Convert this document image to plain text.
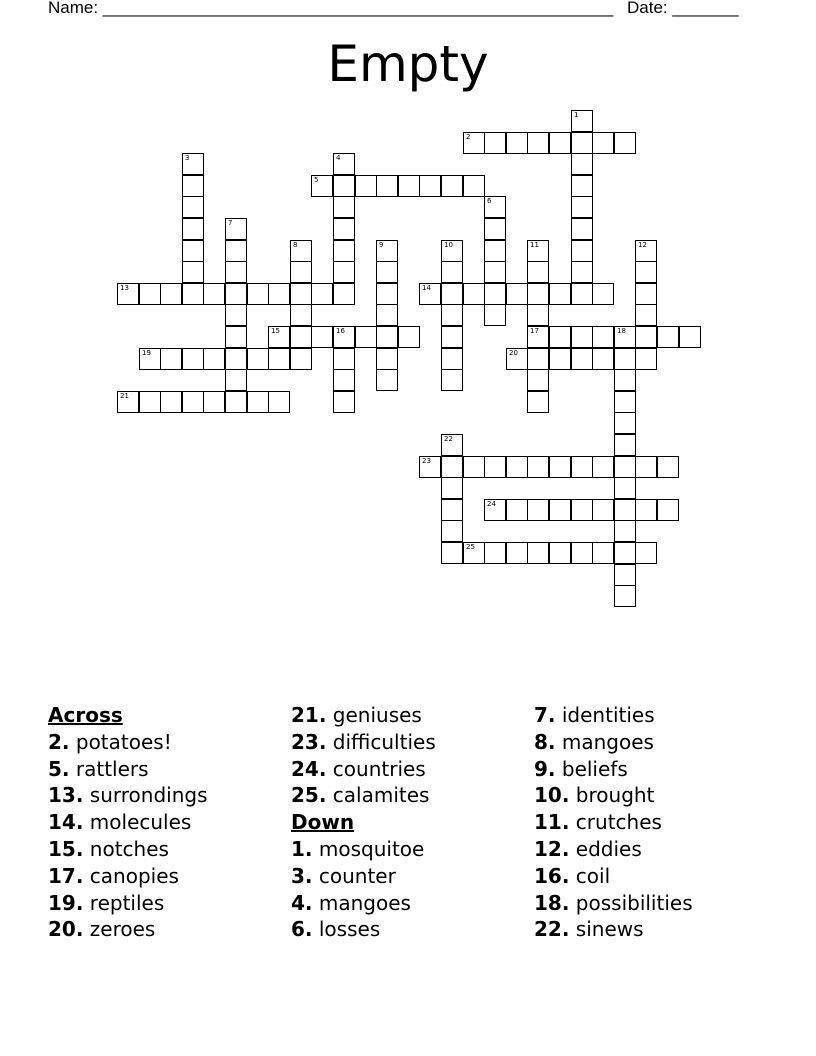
Name: ______________________________________________________ Date: _______
Empty
1
2
3	4
5
6
7
8	9	10	11
17
12
13	14
15	16	18
19	20
21
22
23
24
25
Across
2. potatoes!
5. rattlers
13. surrondings
14. molecules
15. notches
17. canopies
19. reptiles
20. zeroes
21. geniuses
23. difficulties
24. countries
25. calamites
Down
1. mosquitoe
3. counter
4. mangoes
6. losses
7. identities
8. mangoes
9. beliefs
10. brought
11. crutches
12. eddies
16. coil
18. possibilities
22. sinews
